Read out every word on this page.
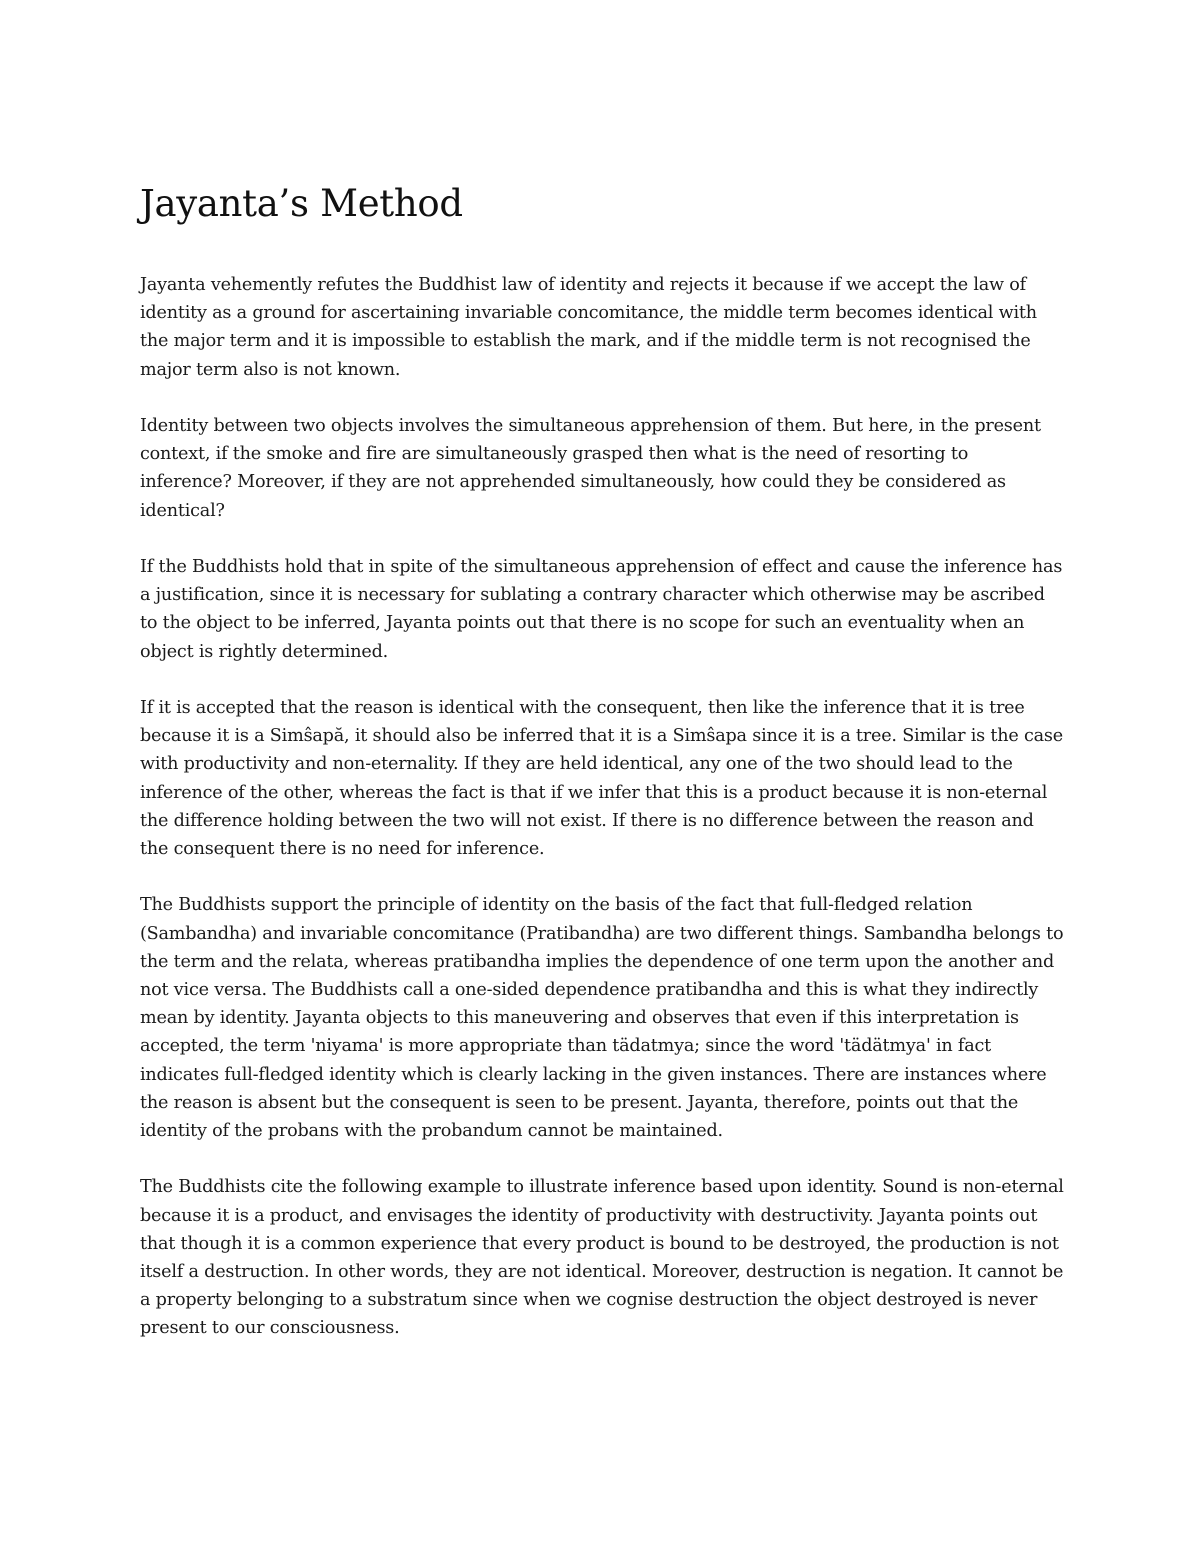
Jayanta’s Method

Jayanta vehemently refutes the Buddhist law of identity and rejects it because if we accept the law of identity as a ground for ascertaining invariable concomitance, the middle term becomes identical with the major term and it is impossible to establish the mark, and if the middle term is not recognised the major term also is not known.

Identity between two objects involves the simultaneous apprehension of them. But here, in the present context, if the smoke and fire are simultaneously grasped then what is the need of resorting to inference? Moreover, if they are not apprehended simultaneously, how could they be considered as identical?

If the Buddhists hold that in spite of the simultaneous apprehension of effect and cause the inference has a justification, since it is necessary for sublating a contrary character which otherwise may be ascribed to the object to be inferred, Jayanta points out that there is no scope for such an eventuality when an object is rightly determined.

If it is accepted that the reason is identical with the consequent, then like the inference that it is tree because it is a Simŝapă, it should also be inferred that it is a Simŝapa since it is a tree. Similar is the case with productivity and non-eternality. If they are held identical, any one of the two should lead to the inference of the other, whereas the fact is that if we infer that this is a product because it is non-eternal the difference holding between the two will not exist. If there is no difference between the reason and the consequent there is no need for inference.

The Buddhists support the principle of identity on the basis of the fact that full-fledged relation (Sambandha) and invariable concomitance (Pratibandha) are two different things. Sambandha belongs to the term and the relata, whereas pratibandha implies the dependence of one term upon the another and not vice versa. The Buddhists call a one-sided dependence pratibandha and this is what they indirectly mean by identity. Jayanta objects to this maneuvering and observes that even if this interpretation is accepted, the term 'niyama' is more appropriate than tädatmya; since the word 'tädätmya' in fact indicates full-fledged identity which is clearly lacking in the given instances. There are instances where the reason is absent but the consequent is seen to be present. Jayanta, therefore, points out that the identity of the probans with the probandum cannot be maintained.

The Buddhists cite the following example to illustrate inference based upon identity. Sound is non-eternal because it is a product, and envisages the identity of productivity with destructivity. Jayanta points out that though it is a common experience that every product is bound to be destroyed, the production is not itself a destruction. In other words, they are not identical. Moreover, destruction is negation. It cannot be a property belonging to a substratum since when we cognise destruction the object destroyed is never present to our consciousness.
